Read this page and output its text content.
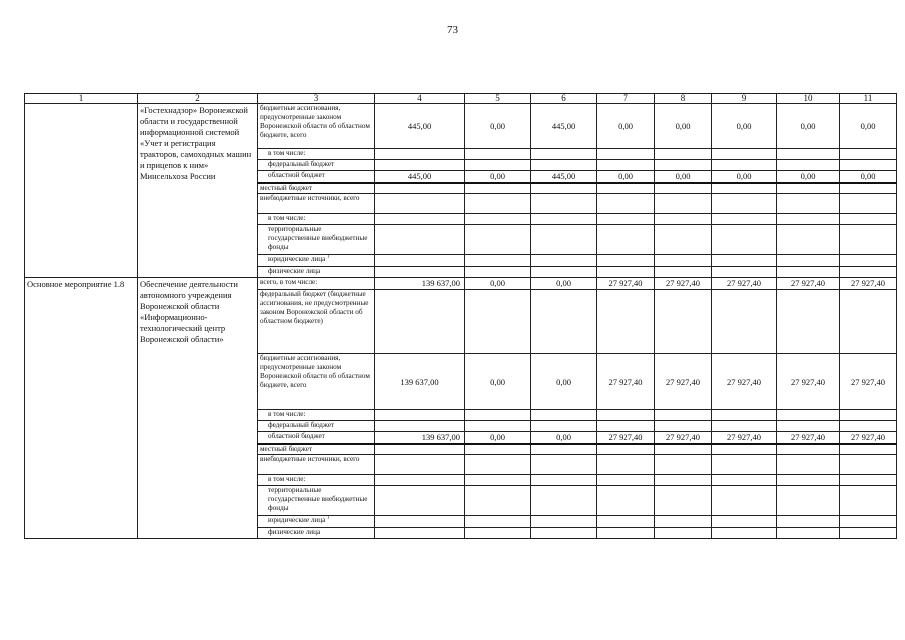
73
1	2	3	4	5	6	7	8	9	10	11
	«Гостехнадзор» Воронежской области и государственной информационной системой «Учет и регистрация тракторов, самоходных машин и прицепов к ним» Минсельхоза России	бюджетные ассигнования, предусмотренные законом Воронежской области об областном бюджете, всего	445,00	0,00	445,00	0,00	0,00	0,00	0,00	0,00
		в том числе:								
		федеральный бюджет								
		областной бюджет	445,00	0,00	445,00	0,00	0,00	0,00	0,00	0,00
		местный бюджет								
		внебюджетные источники, всего								
		в том числе:								
		территориальные государственные внебюджетные фонды								
		юридические лица $^1$								
		физические лица								
Основное мероприятие 1.8	Обеспечение деятельности автономного учреждения Воронежской области «Информационно-технологический центр Воронежской области»	всего, в том числе:	139 637,00	0,00	0,00	27 927,40	27 927,40	27 927,40	27 927,40	27 927,40
		федеральный бюджет (бюджетные ассигнования, не предусмотренные законом Воронежской области об областном бюджете)								
		бюджетные ассигнования, предусмотренные законом Воронежской области об областном бюджете, всего	139 637,00	0,00	0,00	27 927,40	27 927,40	27 927,40	27 927,40	27 927,40
		в том числе:								
		федеральный бюджет								
		областной бюджет	139 637,00	0,00	0,00	27 927,40	27 927,40	27 927,40	27 927,40	27 927,40
		местный бюджет								
		внебюджетные источники, всего								
		в том числе:								
		территориальные государственные внебюджетные фонды								
		юридические лица $^1$								
		физические лица								
